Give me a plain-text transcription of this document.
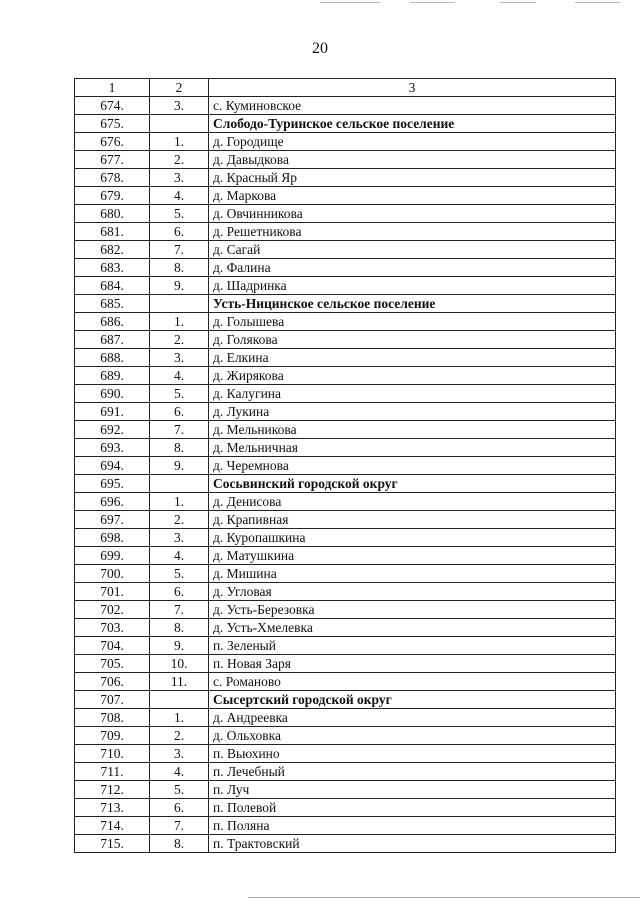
20
1	2	3
674.	3.	с. Куминовское
675.		Слободо-Туринское сельское поселение
676.	1.	д. Городище
677.	2.	д. Давыдкова
678.	3.	д. Красный Яр
679.	4.	д. Маркова
680.	5.	д. Овчинникова
681.	6.	д. Решетникова
682.	7.	д. Сагай
683.	8.	д. Фалина
684.	9.	д. Шадринка
685.		Усть-Ницинское сельское поселение
686.	1.	д. Голышева
687.	2.	д. Голякова
688.	3.	д. Елкина
689.	4.	д. Жирякова
690.	5.	д. Калугина
691.	6.	д. Лукина
692.	7.	д. Мельникова
693.	8.	д. Мельничная
694.	9.	д. Черемнова
695.		Сосьвинский городской округ
696.	1.	д. Денисова
697.	2.	д. Крапивная
698.	3.	д. Куропашкина
699.	4.	д. Матушкина
700.	5.	д. Мишина
701.	6.	д. Угловая
702.	7.	д. Усть-Березовка
703.	8.	д. Усть-Хмелевка
704.	9.	п. Зеленый
705.	10.	п. Новая Заря
706.	11.	с. Романово
707.		Сысертский городской округ
708.	1.	д. Андреевка
709.	2.	д. Ольховка
710.	3.	п. Вьюхино
711.	4.	п. Лечебный
712.	5.	п. Луч
713.	6.	п. Полевой
714.	7.	п. Поляна
715.	8.	п. Трактовский
